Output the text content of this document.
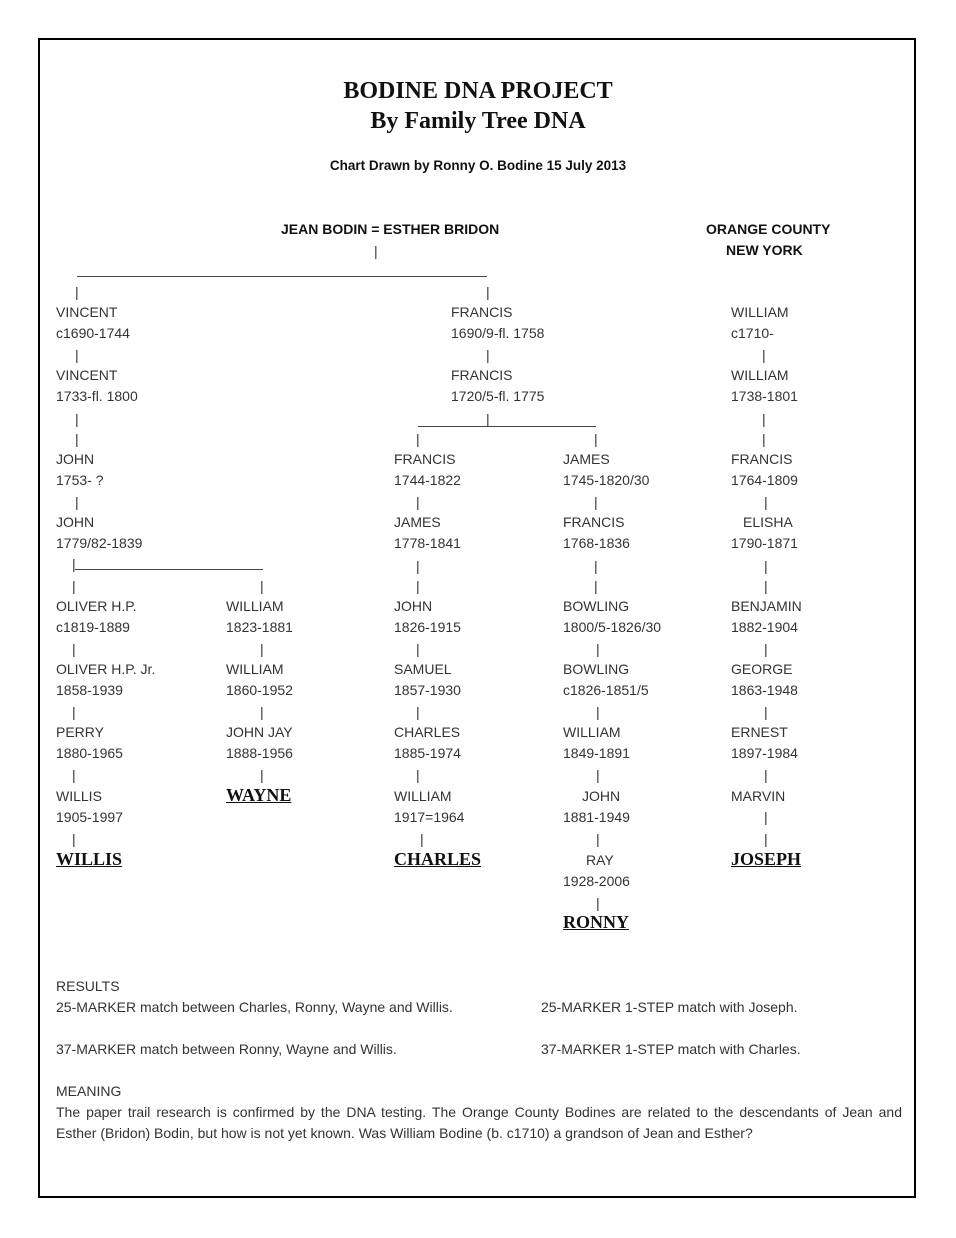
BODINE DNA PROJECT
By Family Tree DNA
Chart Drawn by Ronny O. Bodine 15 July 2013
JEAN BODIN = ESTHER BRIDON	ORANGE COUNTY
NEW YORK
VINCENT
c1690-1744
VINCENT
1733-fl. 1800
JOHN
1753- ?
JOHN
1779/82-1839
OLIVER H.P.
c1819-1889
OLIVER H.P. Jr.
1858-1939
PERRY
1880-1965
WILLIS
1905-1997
WILLIS
WILLIAM
1823-1881
WILLIAM
1860-1952
JOHN JAY
1888-1956
WAYNE
FRANCIS
1690/9-fl. 1758
FRANCIS
1720/5-fl. 1775
FRANCIS
1744-1822
JAMES
1778-1841
JOHN
1826-1915
SAMUEL
1857-1930
CHARLES
1885-1974
WILLIAM
1917=1964
CHARLES
JAMES
1745-1820/30
FRANCIS
1768-1836
BOWLING
1800/5-1826/30
BOWLING
c1826-1851/5
WILLIAM
1849-1891
JOHN
1881-1949
RAY
1928-2006
RONNY
WILLIAM
c1710-
WILLIAM
1738-1801
FRANCIS
1764-1809
ELISHA
1790-1871
BENJAMIN
1882-1904
GEORGE
1863-1948
ERNEST
1897-1984
MARVIN
JOSEPH
|
|	|
|	|	|
|	|	|
|	|	|	|
|	|	|	|
|	|	|	|
|	|	|	|	|
|	|	|	|	|
|	|	|	|	|
|	|	|	|	|
|	|	|
|
|
|
RESULTS
25-MARKER match between Charles, Ronny, Wayne and Willis.	25-MARKER 1-STEP match with Joseph.
37-MARKER match between Ronny, Wayne and Willis.	37-MARKER 1-STEP match with Charles.
MEANING
The paper trail research is confirmed by the DNA testing. The Orange County Bodines are related to the descendants of Jean and Esther (Bridon) Bodin, but how is not yet known. Was William Bodine (b. c1710) a grandson of Jean and Esther?
